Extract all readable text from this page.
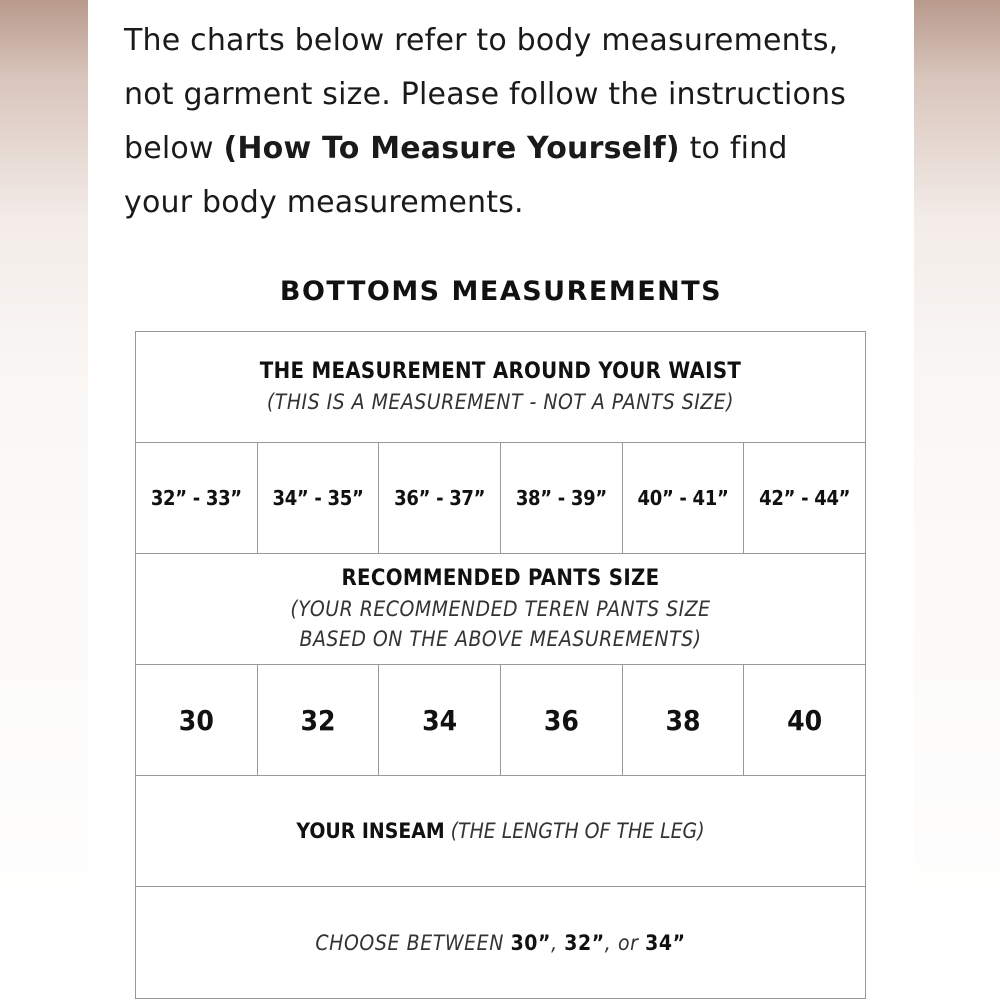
The charts below refer to body measurements,
not garment size. Please follow the instructions
below (How To Measure Yourself) to find
your body measurements.
BOTTOMS MEASUREMENTS
THE MEASUREMENT AROUND YOUR WAIST
(THIS IS A MEASUREMENT - NOT A PANTS SIZE)
32” - 33”	34” - 35”	36” - 37”	38” - 39”	40” - 41”	42” - 44”
RECOMMENDED PANTS SIZE
(YOUR RECOMMENDED TEREN PANTS SIZE
BASED ON THE ABOVE MEASUREMENTS)
30	32	34	36	38	40
YOUR INSEAM (THE LENGTH OF THE LEG)
CHOOSE BETWEEN 30”, 32”, or 34”
